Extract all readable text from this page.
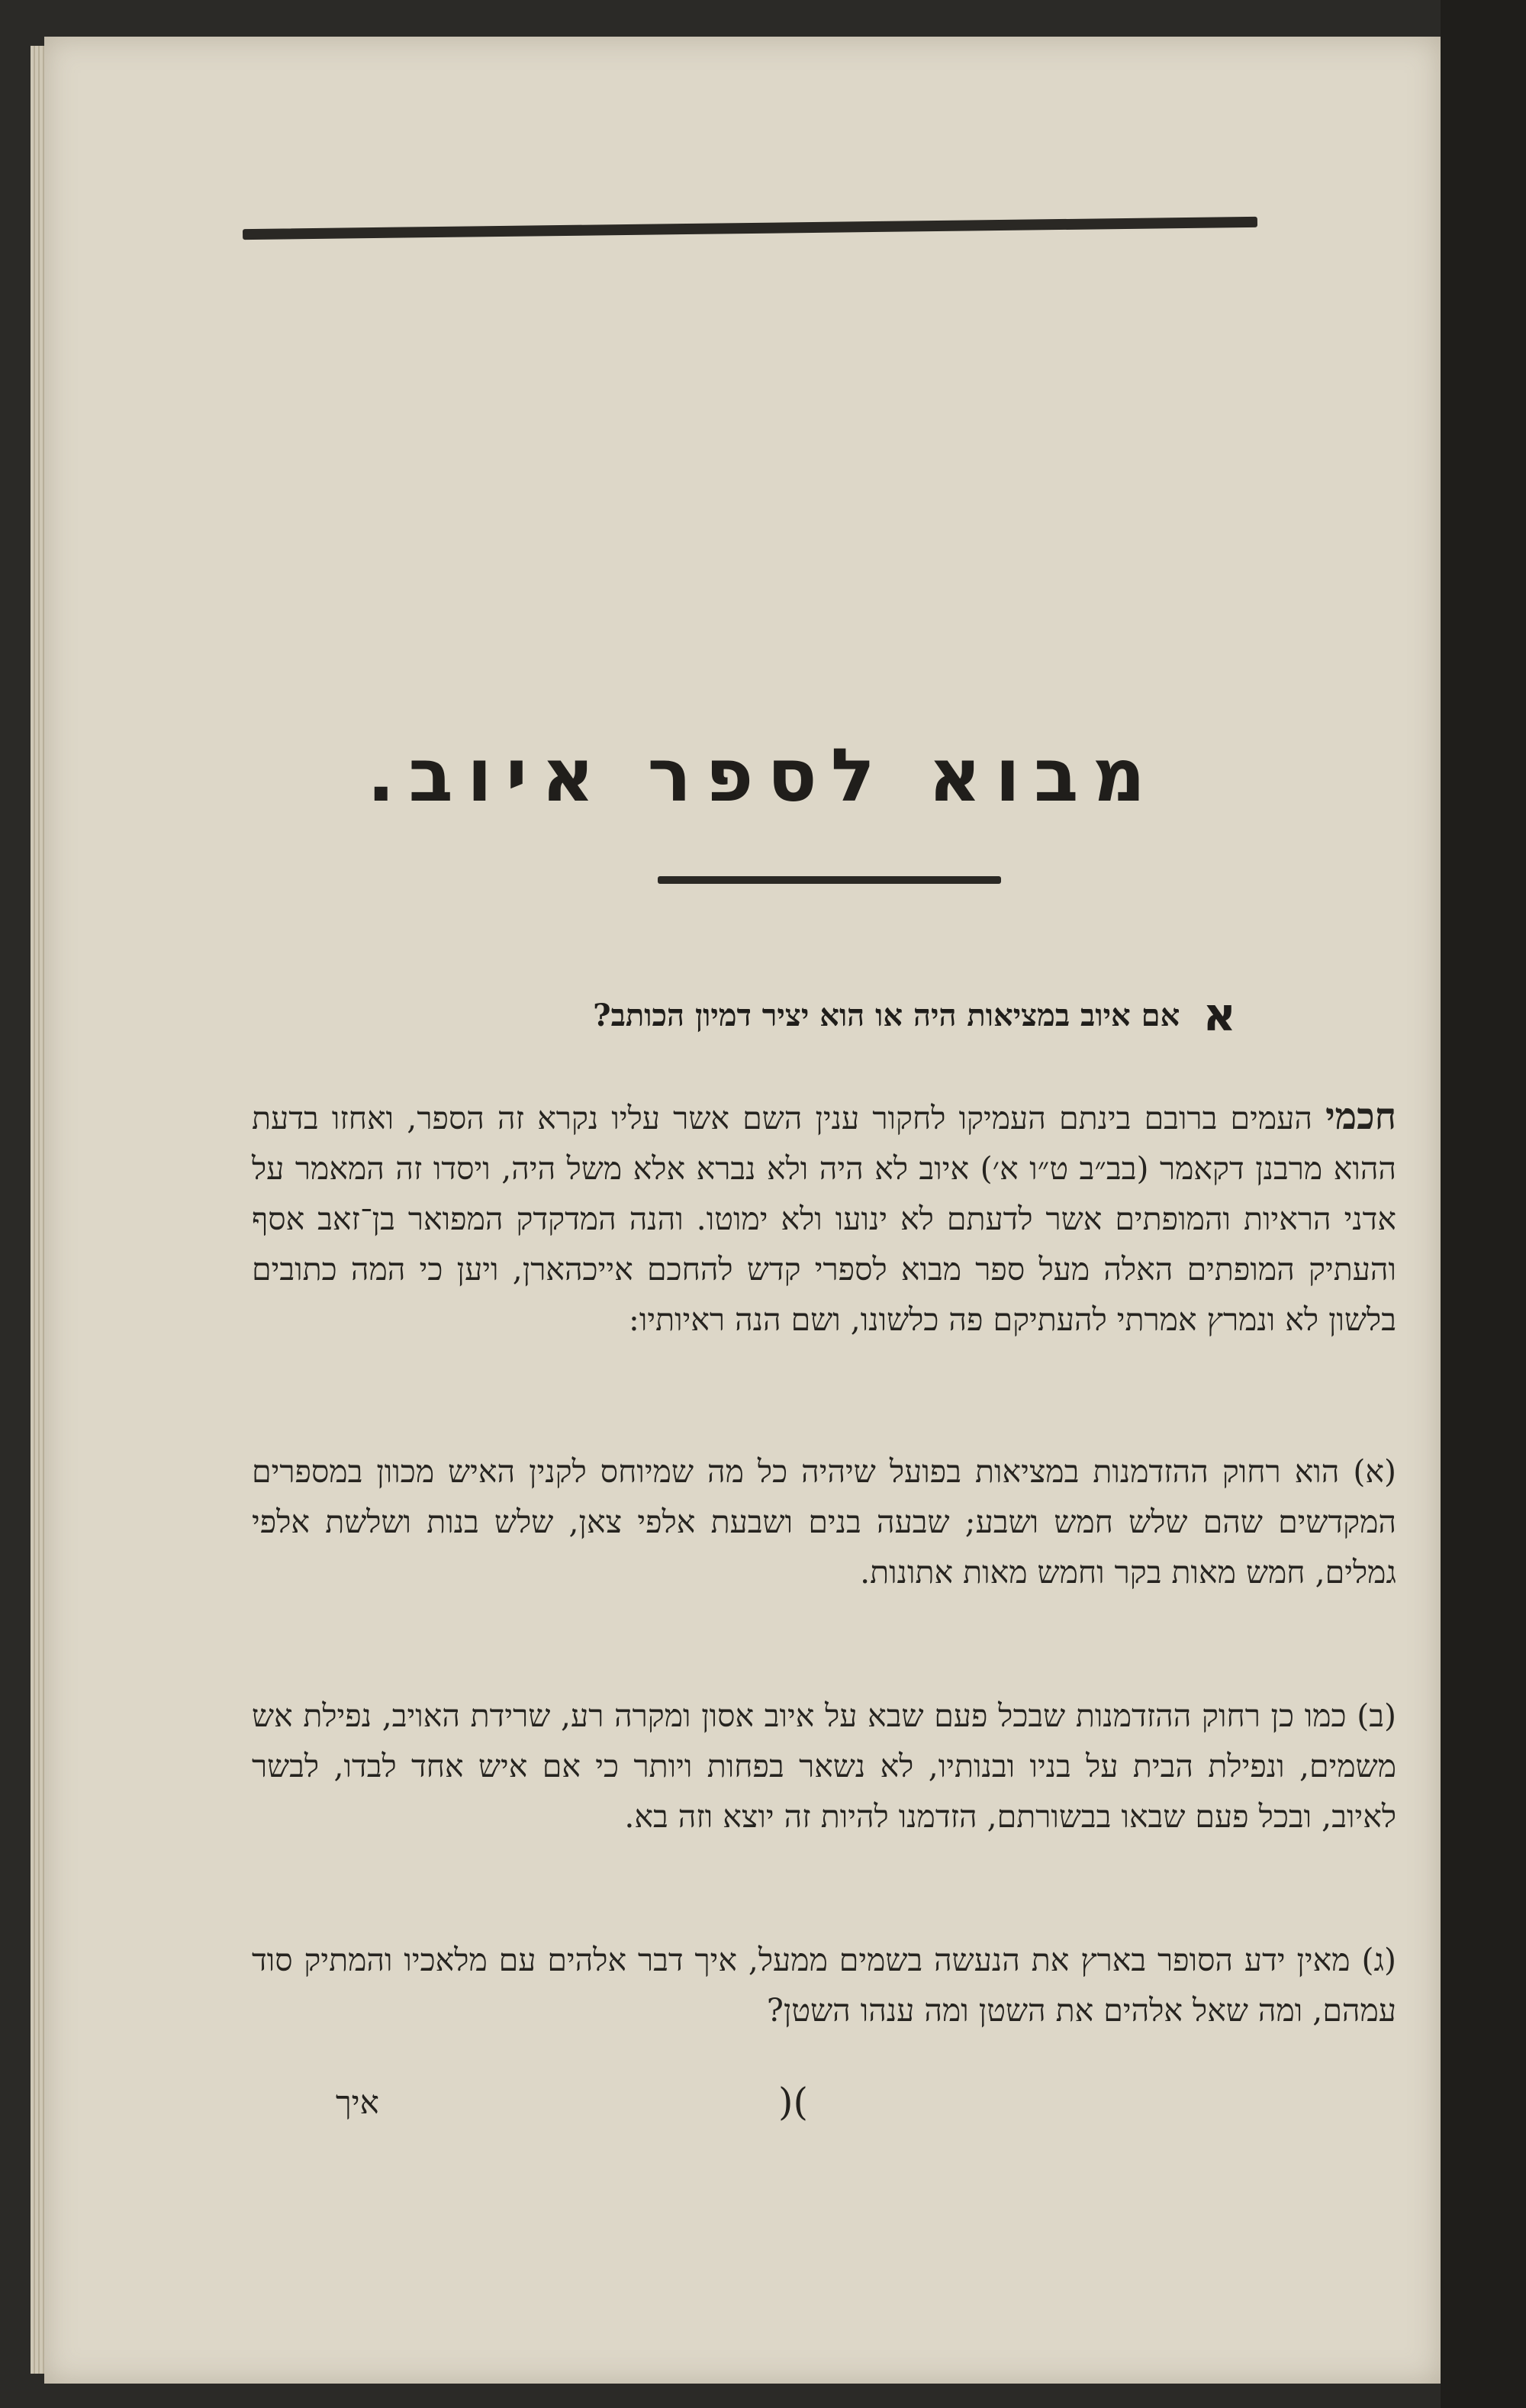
מבוא לספר איוב.
א
אם איוב במציאות היה או הוא יציר דמיון הכותב?
חכמי העמים ברובם בינתם העמיקו לחקור ענין השם אשר עליו נקרא זה הספר, ואחזו בדעת ההוא מרבנן דקאמר (בב״ב ט״ו א׳) איוב לא היה ולא נברא אלא משל היה, ויסדו זה המאמר על אדני הראיות והמופתים אשר לדעתם לא ינועו ולא ימוטו. והנה המדקדק המפואר בן־זאב אסף והעתיק המופתים האלה מעל ספר מבוא לספרי קדש להחכם אייכהארן, ויען כי המה כתובים בלשון לא ונמרץ אמרתי להעתיקם פה כלשונו, ושם הנה ראיותיו:
(א) הוא רחוק ההזדמנות במציאות בפועל שיהיה כל מה שמיוחס לקנין האיש מכוון במספרים המקדשים שהם שלש חמש ושבע; שבעה בנים ושבעת אלפי צאן, שלש בנות ושלשת אלפי גמלים, חמש מאות בקר וחמש מאות אתונות.
(ב) כמו כן רחוק ההזדמנות שבכל פעם שבא על איוב אסון ומקרה רע, שרידת האויב, נפילת אש משמים, ונפילת הבית על בניו ובנותיו, לא נשאר בפחות ויותר כי אם איש אחד לבדו, לבשר לאיוב, ובכל פעם שבאו בבשורתם, הזדמנו להיות זה יוצא וזה בא.
(ג) מאין ידע הסופר בארץ את הנעשה בשמים ממעל, איך דבר אלהים עם מלאכיו והמתיק סוד עמהם, ומה שאל אלהים את השטן ומה ענהו השטן?
)(
איך
